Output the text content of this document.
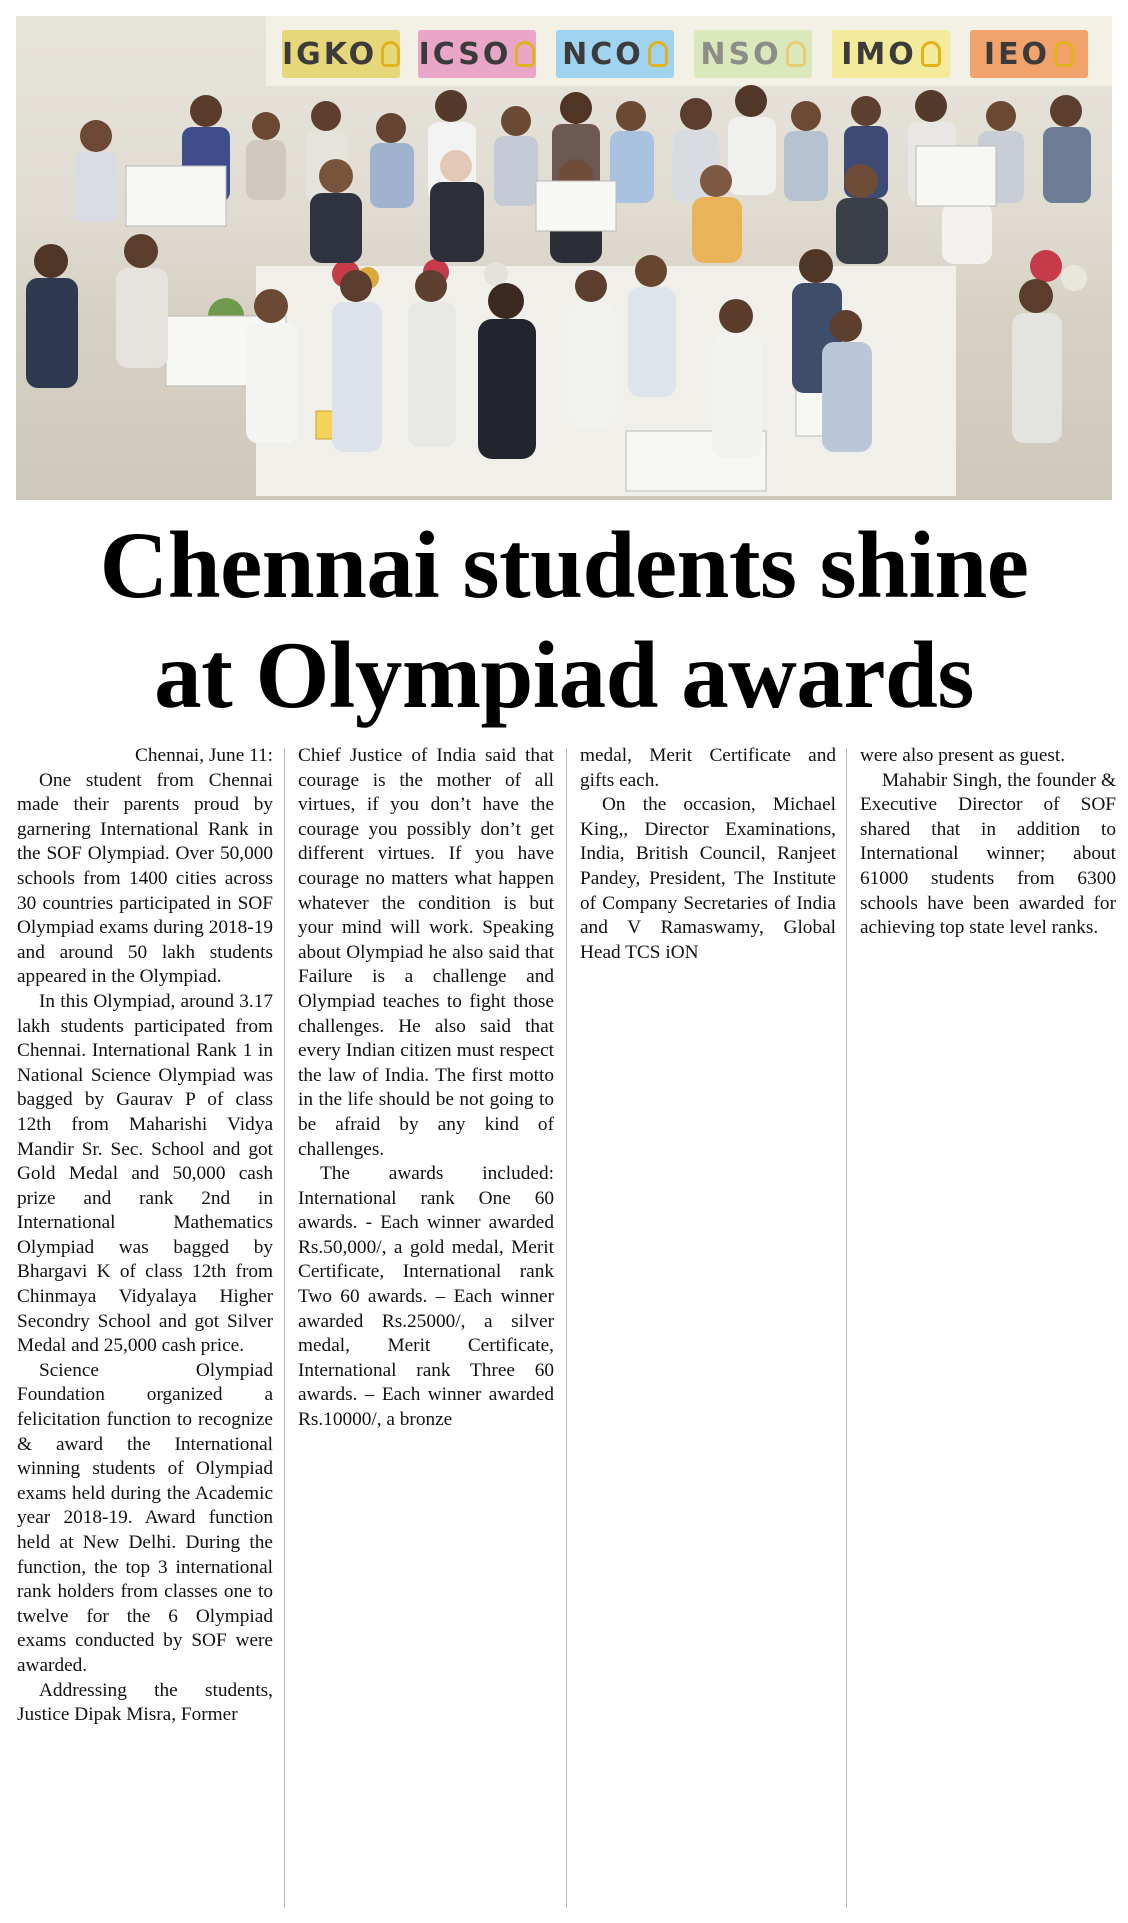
IGKO ICSO NCO NSO IMO IEO
Chennai students shine
at Olympiad awards

Chennai, June 11:

One student from Chennai made their parents proud by garnering International Rank in the SOF Olympiad. Over 50,000 schools from 1400 cities across 30 countries participated in SOF Olympiad exams during 2018-19 and around 50 lakh students appeared in the Olympiad.

In this Olympiad, around 3.17 lakh students participated from Chennai. International Rank 1 in National Science Olympiad was bagged by Gaurav P of class 12th from Maharishi Vidya Mandir Sr. Sec. School and got Gold Medal and 50,000 cash prize and rank 2nd in International Mathematics Olympiad was bagged by Bhargavi K of class 12th from Chinmaya Vidyalaya Higher Secondry School and got Silver Medal and 25,000 cash price.

Science Olympiad Foundation organized a felicitation function to recognize & award the International winning students of Olympiad exams held during the Academic year 2018-19. Award function held at New Delhi. During the function, the top 3 international rank holders from classes one to twelve for the 6 Olympiad exams conducted by SOF were awarded.

Addressing the students, Justice Dipak Misra, Former

Chief Justice of India said that courage is the mother of all virtues, if you don’t have the courage you possibly don’t get different virtues. If you have courage no matters what happen whatever the condition is but your mind will work. Speaking about Olympiad he also said that Failure is a challenge and Olympiad teaches to fight those challenges. He also said that every Indian citizen must respect the law of India. The first motto in the life should be not going to be afraid by any kind of challenges.

The awards included: International rank One 60 awards. - Each winner awarded Rs.50,000/, a gold medal, Merit Certificate, International rank Two 60 awards. – Each winner awarded Rs.25000/, a silver medal, Merit Certificate, International rank Three 60 awards. – Each winner awarded Rs.10000/, a bronze

medal, Merit Certificate and gifts each.

On the occasion, Michael King,, Director Examinations, India, British Council, Ranjeet Pandey, President, The Institute of Company Secretaries of India and V Ramaswamy, Global Head TCS iON

were also present as guest.

Mahabir Singh, the founder & Executive Director of SOF shared that in addition to International winner; about 61000 students from 6300 schools have been awarded for achieving top state level ranks.
